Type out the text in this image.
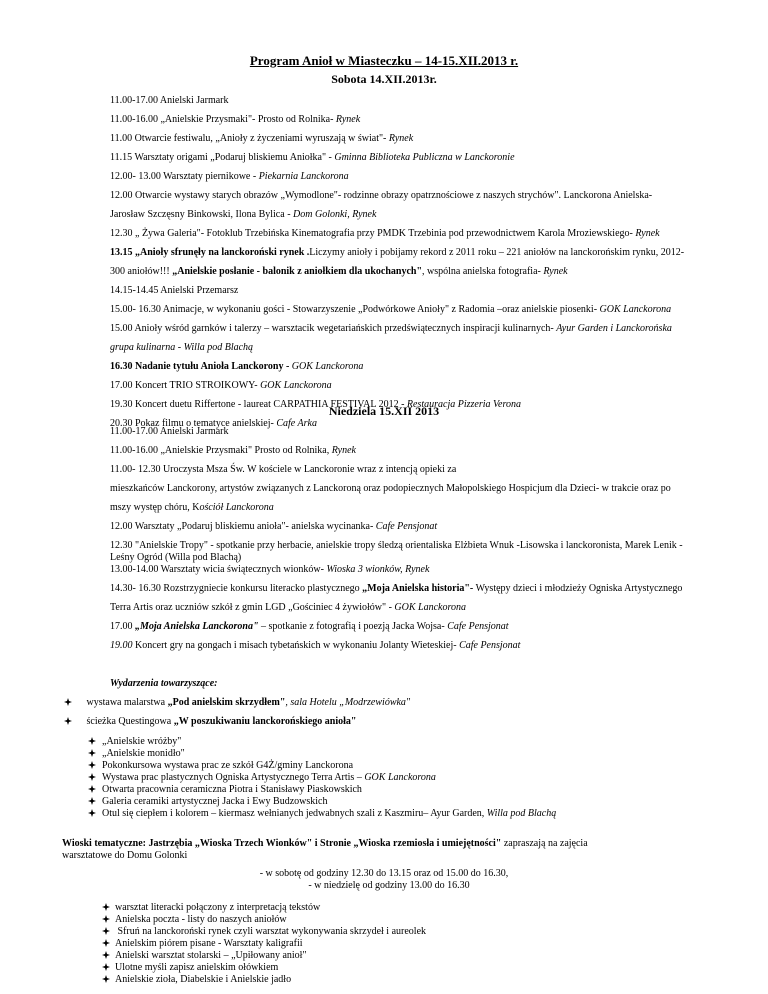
Program Anioł w Miasteczku – 14-15.XII.2013 r.
Sobota 14.XII.2013r.
11.00-17.00 Anielski Jarmark
11.00-16.00 „Anielskie Przysmaki"- Prosto od Rolnika- Rynek
11.00 Otwarcie festiwalu, „Anioły z życzeniami wyruszają w świat"- Rynek
11.15 Warsztaty origami „Podaruj bliskiemu Aniołka" - Gminna Biblioteka Publiczna w Lanckoronie
12.00- 13.00 Warsztaty piernikowe - Piekarnia Lanckorona
12.00 Otwarcie wystawy starych obrazów „Wymodlone"- rodzinne obrazy opatrznościowe z naszych strychów". Lanckorona Anielska-
Jarosław Szczęsny Binkowski, Ilona Bylica - Dom Golonki, Rynek
12.30 „ Żywa Galeria"- Fotoklub Trzebińska Kinematografia przy PMDK Trzebinia pod przewodnictwem Karola Mroziewskiego- Rynek
13.15 „Anioły sfrunęły na lanckoroński rynek .Liczymy anioły i pobijamy rekord z 2011 roku – 221 aniołów na lanckorońskim rynku, 2012-
300 aniołów!!! „Anielskie posłanie - balonik z aniołkiem dla ukochanych", wspólna anielska fotografia- Rynek
14.15-14.45 Anielski Przemarsz
15.00- 16.30 Animacje, w wykonaniu gości - Stowarzyszenie „Podwórkowe Anioły" z Radomia –oraz anielskie piosenki- GOK Lanckorona
15.00 Anioły wśród garnków i talerzy – warsztacik wegetariańskich przedświątecznych inspiracji kulinarnych- Ayur Garden i Lanckorońska
grupa kulinarna - Willa pod Blachą
16.30 Nadanie tytułu Anioła Lanckorony - GOK Lanckorona
17.00 Koncert TRIO STROIKOWY- GOK Lanckorona
19.30 Koncert duetu Riffertone - laureat CARPATHIA FESTIVAL 2012 - Restauracja Pizzeria Verona
20.30 Pokaz filmu o tematyce anielskiej- Cafe Arka
Niedziela 15.XII 2013
11.00-17.00 Anielski Jarmark
11.00-16.00 „Anielskie Przysmaki" Prosto od Rolnika, Rynek
11.00- 12.30 Uroczysta Msza Św. W kościele w Lanckoronie wraz z intencją opieki za
mieszkańców Lanckorony, artystów związanych z Lanckoroną oraz podopiecznych Małopolskiego Hospicjum dla Dzieci- w trakcie oraz po
mszy występ chóru, Kościół Lanckorona
12.00 Warsztaty „Podaruj bliskiemu anioła"- anielska wycinanka- Cafe Pensjonat
12.30 "Anielskie Tropy" - spotkanie przy herbacie, anielskie tropy śledzą orientaliska Elżbieta Wnuk -Lisowska i lanckoronista, Marek Lenik -
Leśny Ogród (Willa pod Blachą)
13.00-14.00 Warsztaty wicia świątecznych wionków- Wioska 3 wionków, Rynek
14.30- 16.30 Rozstrzygniecie konkursu literacko plastycznego „Moja Anielska historia"- Występy dzieci i młodzieży Ogniska Artystycznego
Terra Artis oraz uczniów szkół z gmin LGD „Gościniec 4 żywiołów" - GOK Lanckorona
17.00 „Moja Anielska Lanckorona" – spotkanie z fotografią i poezją Jacka Wojsa- Cafe Pensjonat
19.00 Koncert gry na gongach i misach tybetańskich w wykonaniu Jolanty Wieteskiej- Cafe Pensjonat
Wydarzenia towarzyszące:
wystawa malarstwa „Pod anielskim skrzydłem", sala Hotelu „Modrzewiówka"
ścieżka Questingowa „W poszukiwaniu lanckorońskiego anioła"
„Anielskie wróżby"
„Anielskie monidło"
Pokonkursowa wystawa prac ze szkół G4Ż/gminy Lanckorona
Wystawa prac plastycznych Ogniska Artystycznego Terra Artis – GOK Lanckorona
Otwarta pracownia ceramiczna Piotra i Stanisławy Piaskowskich
Galeria ceramiki artystycznej Jacka i Ewy Budzowskich
Otul się ciepłem i kolorem – kiermasz wełnianych jedwabnych szali z Kaszmiru– Ayur Garden, Willa pod Blachą
Wioski tematyczne: Jastrzębia „Wioska Trzech Wionków" i Stronie „Wioska rzemiosła i umiejętności" zapraszają na zajęcia
warsztatowe do Domu Golonki
- w sobotę od godziny 12.30 do 13.15 oraz od 15.00 do 16.30,
- w niedzielę od godziny 13.00 do 16.30
warsztat literacki połączony z interpretacją tekstów
Anielska poczta - listy do naszych aniołów
Sfruń na lanckoroński rynek czyli warsztat wykonywania skrzydeł i aureolek
Anielskim piórem pisane - Warsztaty kaligrafii
Anielski warsztat stolarski – „Upiłowany anioł"
Ulotne myśli zapisz anielskim ołówkiem
Anielskie zioła, Diabelskie i Anielskie jadło
